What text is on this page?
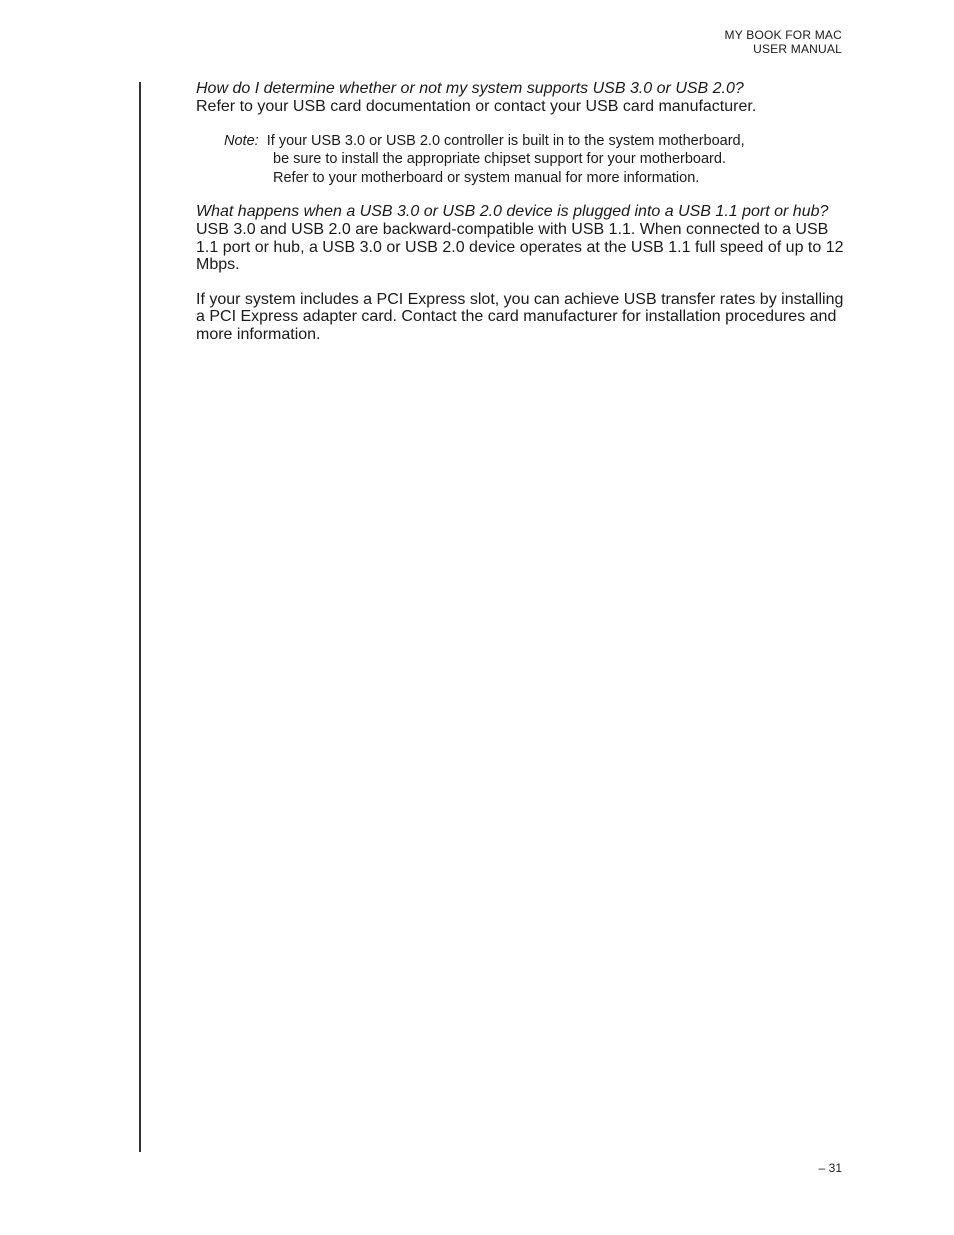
MY BOOK FOR MAC
USER MANUAL

How do I determine whether or not my system supports USB 3.0 or USB 2.0?

Refer to your USB card documentation or contact your USB card manufacturer.

Note: If your USB 3.0 or USB 2.0 controller is built in to the system motherboard,
be sure to install the appropriate chipset support for your motherboard.
Refer to your motherboard or system manual for more information.

What happens when a USB 3.0 or USB 2.0 device is plugged into a USB 1.1 port or hub?

USB 3.0 and USB 2.0 are backward-compatible with USB 1.1. When connected to a USB 1.1 port or hub, a USB 3.0 or USB 2.0 device operates at the USB 1.1 full speed of up to 12 Mbps.

If your system includes a PCI Express slot, you can achieve USB transfer rates by installing a PCI Express adapter card. Contact the card manufacturer for installation procedures and more information.

– 31
